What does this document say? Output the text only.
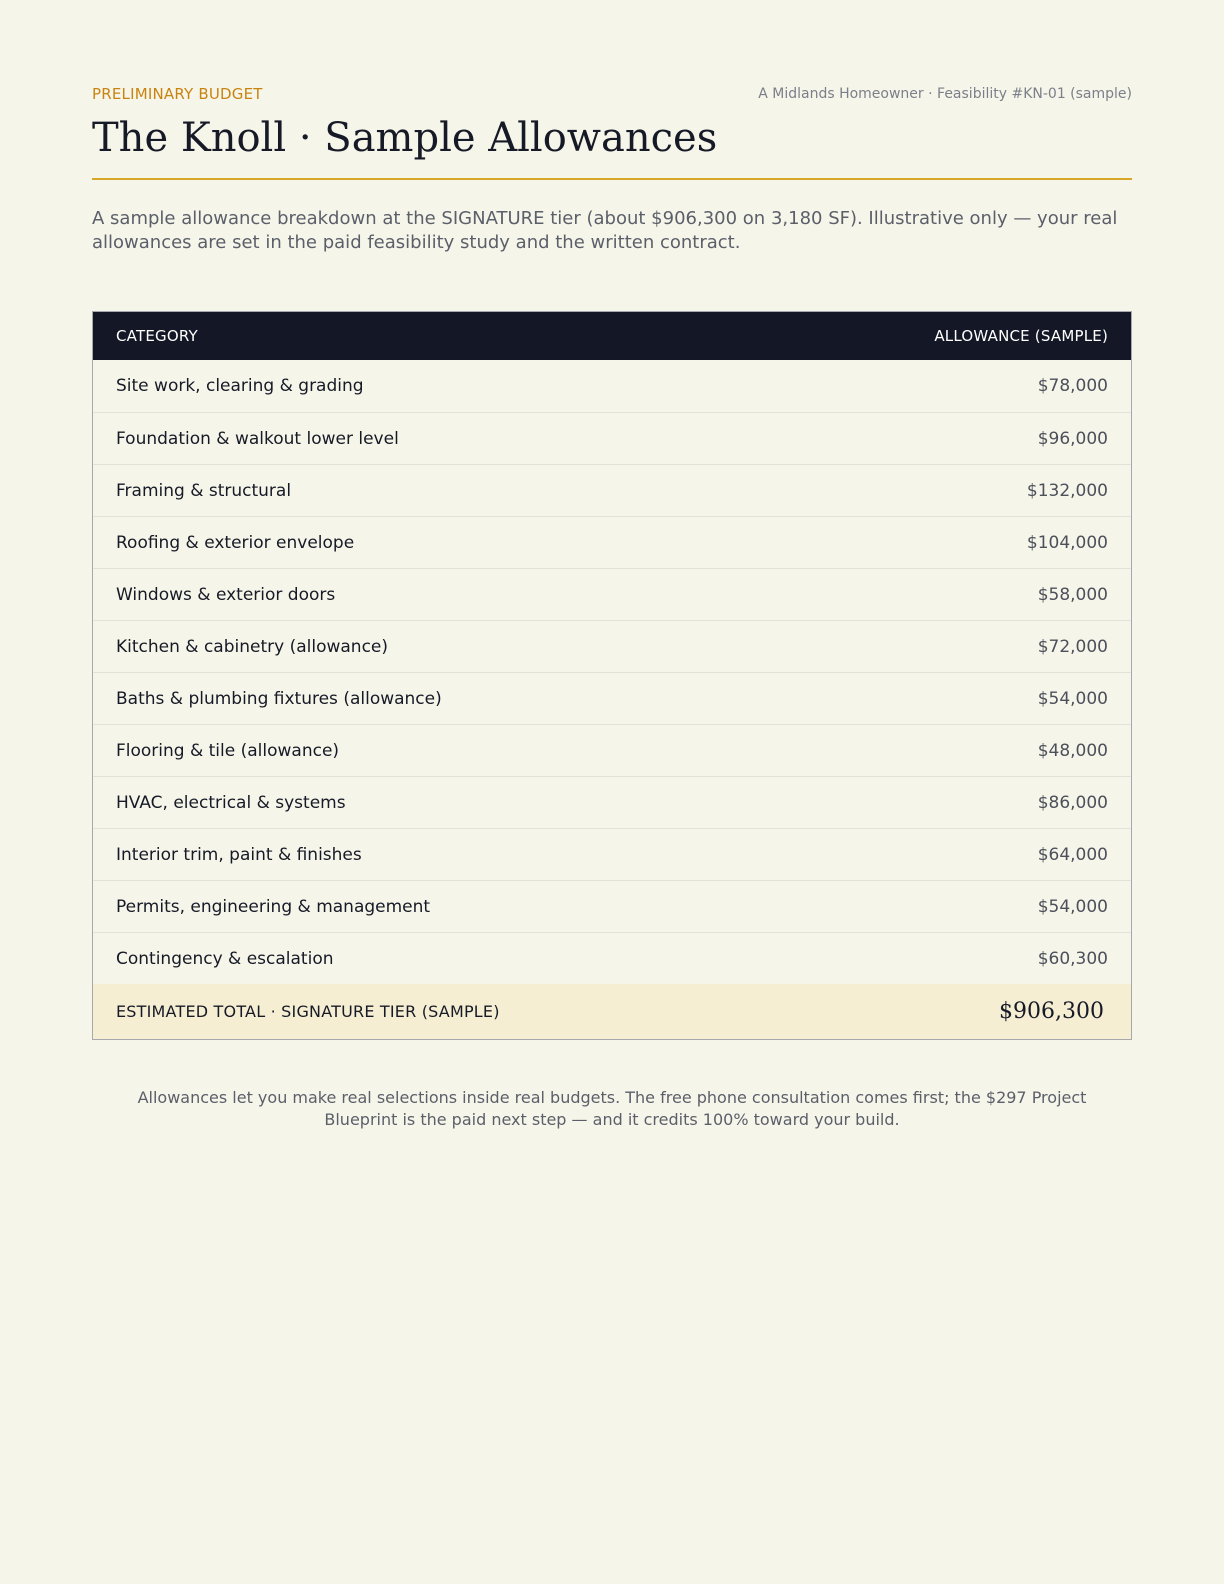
PRELIMINARY BUDGET	A Midlands Homeowner · Feasibility #KN-01 (sample)
The Knoll · Sample Allowances

A sample allowance breakdown at the SIGNATURE tier (about $906,300 on 3,180 SF). Illustrative only — your real allowances are set in the paid feasibility study and the written contract.

CATEGORY	ALLOWANCE (SAMPLE)
Site work, clearing & grading	$78,000
Foundation & walkout lower level	$96,000
Framing & structural	$132,000
Roofing & exterior envelope	$104,000
Windows & exterior doors	$58,000
Kitchen & cabinetry (allowance)	$72,000
Baths & plumbing fixtures (allowance)	$54,000
Flooring & tile (allowance)	$48,000
HVAC, electrical & systems	$86,000
Interior trim, paint & finishes	$64,000
Permits, engineering & management	$54,000
Contingency & escalation	$60,300
ESTIMATED TOTAL · SIGNATURE TIER (SAMPLE)	$906,300

Allowances let you make real selections inside real budgets. The free phone consultation comes first; the $297 Project Blueprint is the paid next step — and it credits 100% toward your build.
